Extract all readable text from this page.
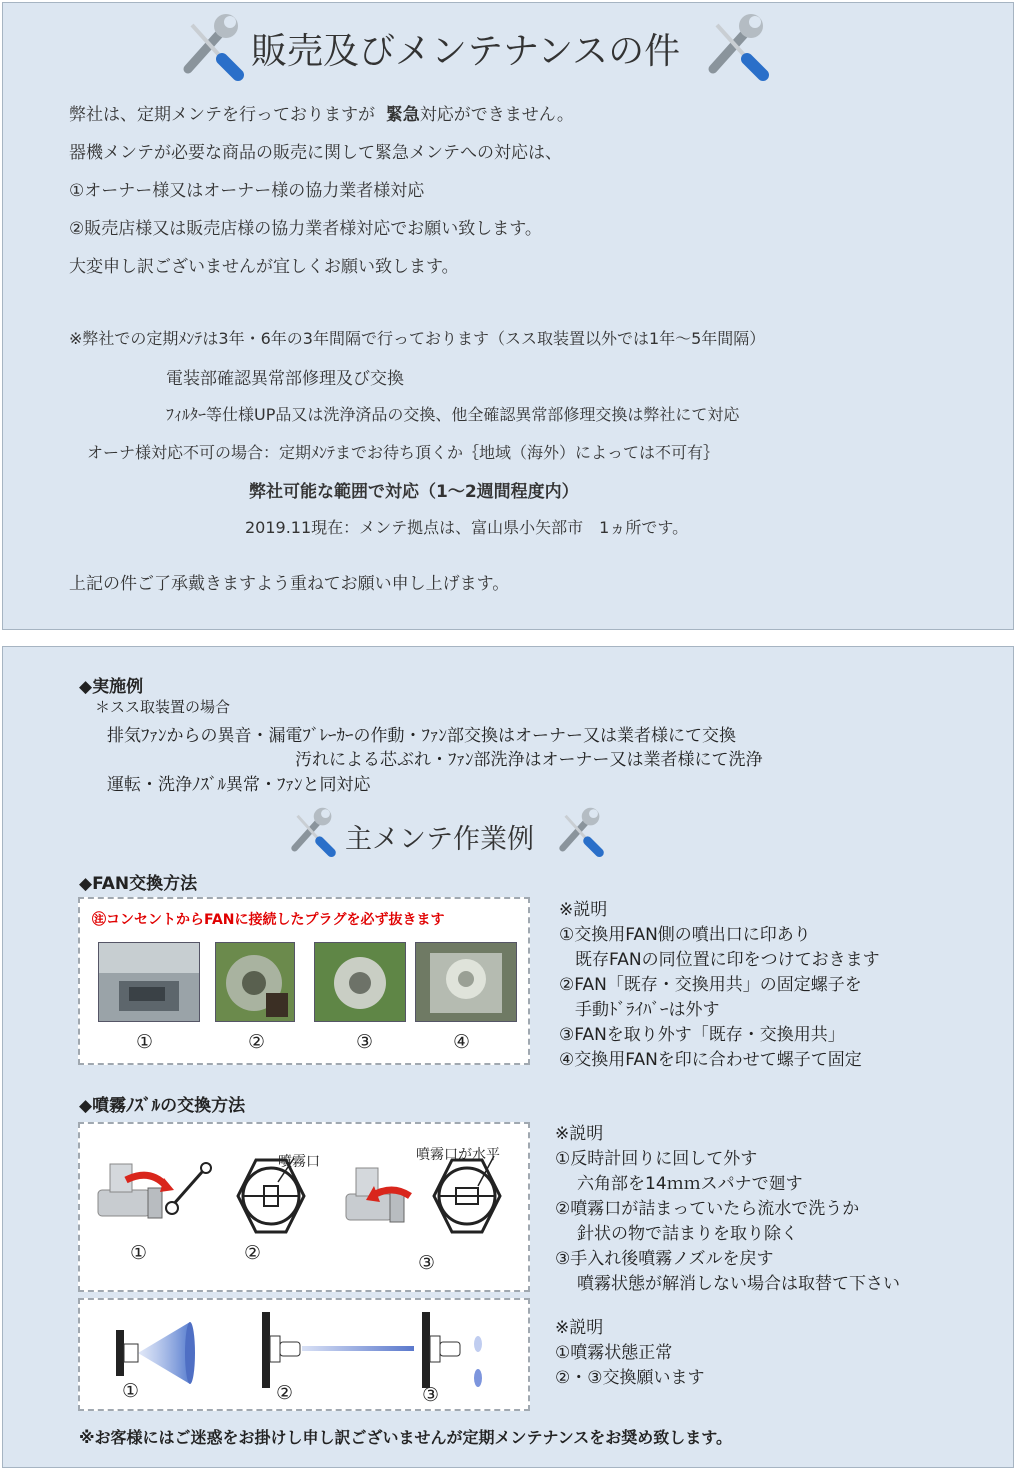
販売及びメンテナンスの件
弊社は、定期メンテを行っておりますが 緊急対応ができません。
器機メンテが必要な商品の販売に関して緊急メンテへの対応は、
①オーナー様又はオーナー様の協力業者様対応
②販売店様又は販売店様の協力業者様対応でお願い致します。
大変申し訳ございませんが宜しくお願い致します。
※弊社での定期ﾒﾝﾃは3年・6年の3年間隔で行っております（スス取装置以外では1年～5年間隔）
電装部確認異常部修理及び交換
ﾌｨﾙﾀｰ等仕様UP品又は洗浄済品の交換、他全確認異常部修理交換は弊社にて対応
オーナ様対応不可の場合：定期ﾒﾝﾃまでお待ち頂くか｛地域（海外）によっては不可有｝
弊社可能な範囲で対応（1～2週間程度内）
2019.11現在：メンテ拠点は、富山県小矢部市　1ヵ所です。
上記の件ご了承戴きますよう重ねてお願い申し上げます。
◆実施例
＊スス取装置の場合
排気ﾌｧﾝからの異音・漏電ﾌﾞﾚｰｶｰの作動・ﾌｧﾝ部交換はオーナー又は業者様にて交換
汚れによる芯ぶれ・ﾌｧﾝ部洗浄はオーナー又は業者様にて洗浄
運転・洗浄ﾉｽﾞﾙ異常・ﾌｧﾝと同対応
主メンテ作業例
◆FAN交換方法
㊟コンセントからFANに接続したプラグを必ず抜きます
①	②	③	④
※説明
①交換用FAN側の噴出口に印あり
既存FANの同位置に印をつけておきます
②FAN「既存・交換用共」の固定螺子を
手動ﾄﾞﾗｲﾊﾞｰは外す
③FANを取り外す「既存・交換用共」
④交換用FANを印に合わせて螺子て固定
◆噴霧ﾉｽﾞﾙの交換方法
噴霧口	噴霧口が水平
①	②	③
※説明
①反時計回りに回して外す
六角部を14ｍｍスパナで廻す
②噴霧口が詰まっていたら流水で洗うか
針状の物で詰まりを取り除く
③手入れ後噴霧ノズルを戻す
噴霧状態が解消しない場合は取替て下さい
①	②	③
※説明
①噴霧状態正常
②・③交換願います
※お客様にはご迷惑をお掛けし申し訳ございませんが定期メンテナンスをお奨め致します。
